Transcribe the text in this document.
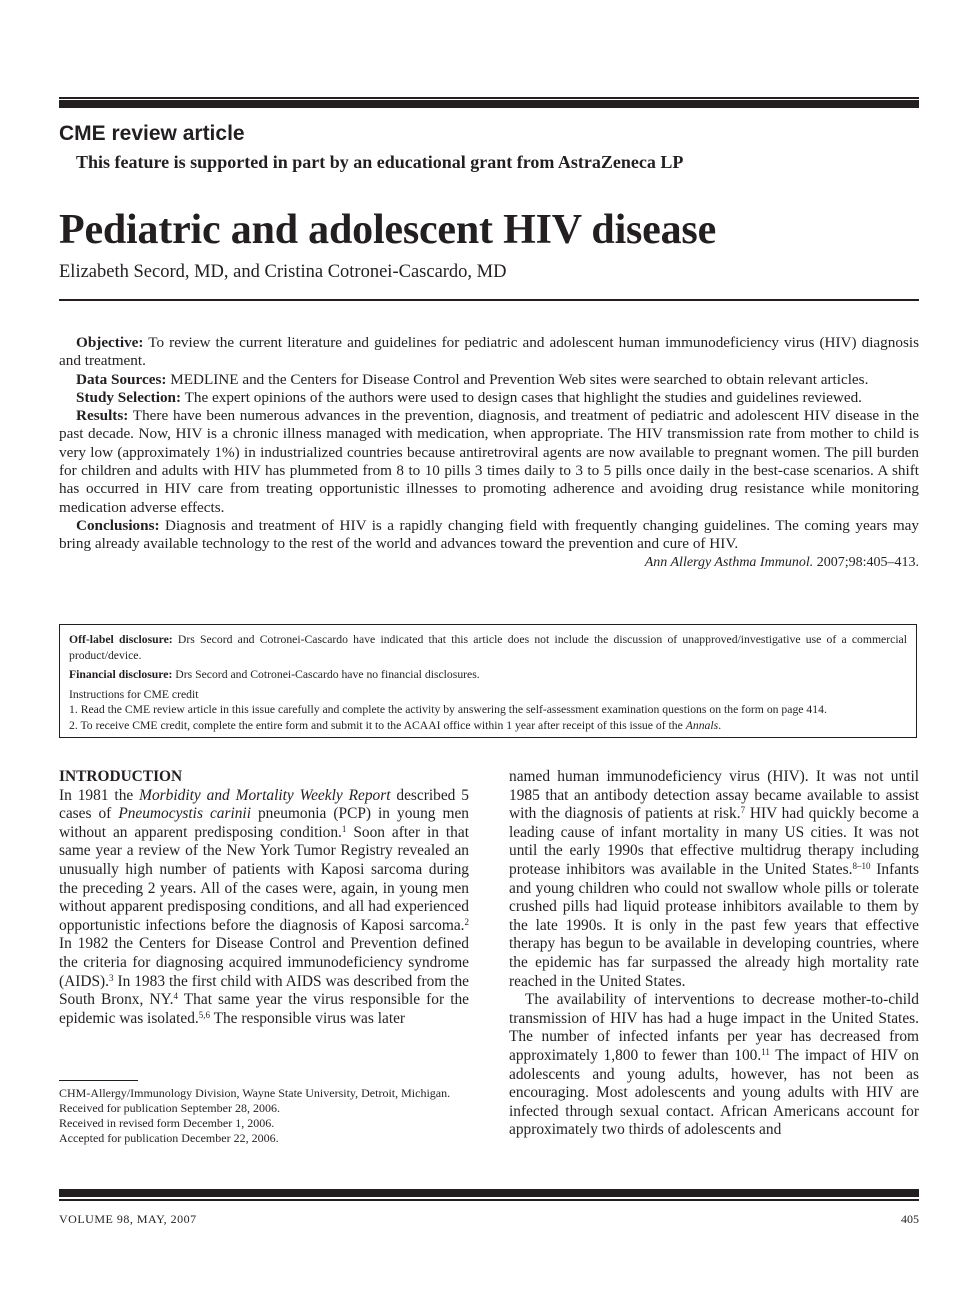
CME review article

This feature is supported in part by an educational grant from AstraZeneca LP

Pediatric and adolescent HIV disease

Elizabeth Secord, MD, and Cristina Cotronei-Cascardo, MD

Objective: To review the current literature and guidelines for pediatric and adolescent human immunodeficiency virus (HIV) diagnosis and treatment.

Data Sources: MEDLINE and the Centers for Disease Control and Prevention Web sites were searched to obtain relevant articles.

Study Selection: The expert opinions of the authors were used to design cases that highlight the studies and guidelines reviewed.

Results: There have been numerous advances in the prevention, diagnosis, and treatment of pediatric and adolescent HIV disease in the past decade. Now, HIV is a chronic illness managed with medication, when appropriate. The HIV transmission rate from mother to child is very low (approximately 1%) in industrialized countries because antiretroviral agents are now available to pregnant women. The pill burden for children and adults with HIV has plummeted from 8 to 10 pills 3 times daily to 3 to 5 pills once daily in the best-case scenarios. A shift has occurred in HIV care from treating opportunistic illnesses to promoting adherence and avoiding drug resistance while monitoring medication adverse effects.

Conclusions: Diagnosis and treatment of HIV is a rapidly changing field with frequently changing guidelines. The coming years may bring already available technology to the rest of the world and advances toward the prevention and cure of HIV.

Ann Allergy Asthma Immunol. 2007;98:405–413.

Off-label disclosure: Drs Secord and Cotronei-Cascardo have indicated that this article does not include the discussion of unapproved/investigative use of a commercial product/device.

Financial disclosure: Drs Secord and Cotronei-Cascardo have no financial disclosures.

Instructions for CME credit

1. Read the CME review article in this issue carefully and complete the activity by answering the self-assessment examination questions on the form on page 414.

2. To receive CME credit, complete the entire form and submit it to the ACAAI office within 1 year after receipt of this issue of the Annals.

INTRODUCTION

In 1981 the Morbidity and Mortality Weekly Report described 5 cases of Pneumocystis carinii pneumonia (PCP) in young men without an apparent predisposing condition.$^1$ Soon after in that same year a review of the New York Tumor Registry revealed an unusually high number of patients with Kaposi sarcoma during the preceding 2 years. All of the cases were, again, in young men without apparent predisposing conditions, and all had experienced opportunistic infections before the diagnosis of Kaposi sarcoma.$^2$ In 1982 the Centers for Disease Control and Prevention defined the criteria for diagnosing acquired immunodeficiency syndrome (AIDS).$^3$ In 1983 the first child with AIDS was described from the South Bronx, NY.$^4$ That same year the virus responsible for the epidemic was isolated.$^{5,6}$ The responsible virus was later

CHM-Allergy/Immunology Division, Wayne State University, Detroit, Michigan.

Received for publication September 28, 2006.

Received in revised form December 1, 2006.

Accepted for publication December 22, 2006.

named human immunodeficiency virus (HIV). It was not until 1985 that an antibody detection assay became available to assist with the diagnosis of patients at risk.$^7$ HIV had quickly become a leading cause of infant mortality in many US cities. It was not until the early 1990s that effective multidrug therapy including protease inhibitors was available in the United States.$^{8-10}$ Infants and young children who could not swallow whole pills or tolerate crushed pills had liquid protease inhibitors available to them by the late 1990s. It is only in the past few years that effective therapy has begun to be available in developing countries, where the epidemic has far surpassed the already high mortality rate reached in the United States.

The availability of interventions to decrease mother-to-child transmission of HIV has had a huge impact in the United States. The number of infected infants per year has decreased from approximately 1,800 to fewer than 100.11 The impact of HIV on adolescents and young adults, however, has not been as encouraging. Most adolescents and young adults with HIV are infected through sexual contact. African Americans account for approximately two thirds of adolescents and

VOLUME 98, MAY, 2007	405
